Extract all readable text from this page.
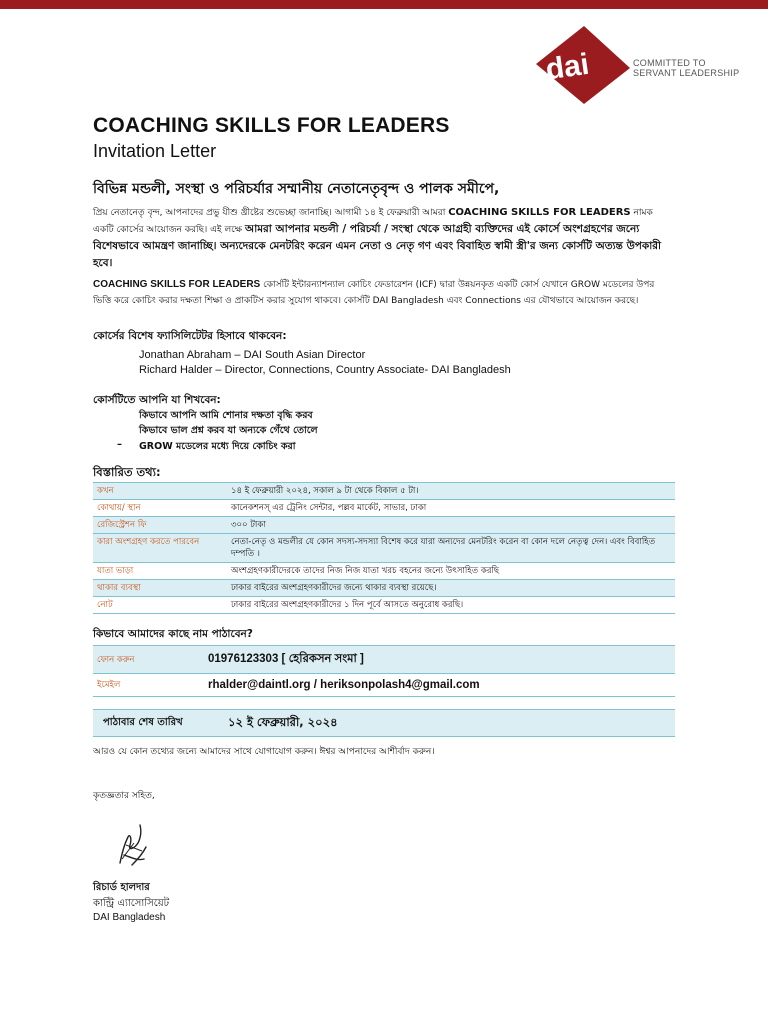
dai	COMMITTED TO
SERVANT LEADERSHIP
COACHING SKILLS FOR LEADERS
Invitation Letter
বিভিন্ন মন্ডলী, সংস্থা ও পরিচর্যার সম্মানীয় নেতানেতৃবৃন্দ ও পালক সমীপে,
প্রিয় নেতানেতৃ বৃন্দ, আপনাদের প্রভু যীশু খ্রীষ্টের শুভেচ্ছা জানাচ্ছি। আগামী ১৪ ই ফেব্রুয়ারী আমরা COACHING SKILLS FOR LEADERS নামক একটি কোর্সের আয়োজন করছি। এই লক্ষে আমরা আপনার মন্ডলী / পরিচর্যা / সংস্থা থেকে আগ্রহী ব্যক্তিদের এই কোর্সে অংশগ্রহণের জন্যে বিশেষভাবে আমন্ত্রণ জানাচ্ছি। অন্যদেরকে মেনটরিং করেন এমন নেতা ও নেতৃ গণ এবং বিবাহিত স্বামী স্ত্রী'র জন্য কোর্সটি অত্যন্ত উপকারী হবে।
COACHING SKILLS FOR LEADERS কোর্সটি ইন্টারন্যাশন্যাল কোচিং ফেডারেশন (ICF) দ্বারা উন্নয়নকৃত একটি কোর্স যেখানে GROW মডেলের উপর ভিত্তি করে কোচিং করার দক্ষতা শিক্ষা ও প্রাকটিস করার সুযোগ থাকবে। কোর্সটি DAI Bangladesh এবং Connections এর যৌথভাবে আয়োজন করছে।
কোর্সের বিশেষ ফ্যাসিলিটেটর হিসাবে থাকবেন:
Jonathan Abraham – DAI South Asian Director
Richard Halder – Director, Connections, Country Associate- DAI Bangladesh
কোর্সটিতে আপনি যা শিখবেন:
কিভাবে আপনি আমি শোনার দক্ষতা বৃদ্ধি করব
কিভাবে ভাল প্রশ্ন করব যা অন্যকে গেঁথে তোলে
– GROW মডেলের মধ্যে দিয়ে কোচিং করা
বিস্তারিত তথ্য:
কখন	১৪ ই ফেব্রুয়ারী ২০২৪, সকাল ৯ টা থেকে বিকাল ৫ টা।
কোথায়/ স্থান	কানেকশনস্ এর ট্রেনিং সেন্টার, পল্লব মার্কেট, সাভার, ঢাকা
রেজিস্ট্রেশন ফি	৩০০ টাকা
কারা অংশগ্রহণ করতে পারবেন	নেতা-নেতৃ ও মন্ডলীর যে কোন সদস্য-সদস্যা বিশেষ করে যারা অন্যদের মেনটরিং করেন বা কোন দলে নেতৃত্ব দেন। এবং বিবাহিত দম্পতি ।
যাতা ভাড়া	অংশগ্রহণকারীদেরকে তাদের নিজ নিজ যাতা খরচ বহনের জন্যে উৎসাহিত করছি
থাকার ব্যবস্থা	ঢাকার বাইরের অংশগ্রহণকারীদের জন্যে থাকার ব্যবস্থা রয়েছে।
নোট	ঢাকার বাইরের অংশগ্রহণকারীদের ১ দিন পূর্বে আসতে অনুরোধ করছি।
কিভাবে আমাদের কাছে নাম পাঠাবেন?
ফোন করুন	01976123303 [ হেরিকসন সংমা ]
ইমেইল	rhalder@daintl.org / heriksonpolash4@gmail.com
পাঠাবার শেষ তারিখ	১২ ই ফেব্রুয়ারী, ২০২৪
আরও যে কোন তথ্যের জন্যে আমাদের সাথে যোগাযোগ করুন। ঈশ্বর আপনাদের আশীর্বাদ করুন।
কৃতজ্ঞতার সহিত,
রিচার্ড হালদার
কান্ট্রি এ্যাসোসিয়েট
DAI Bangladesh
